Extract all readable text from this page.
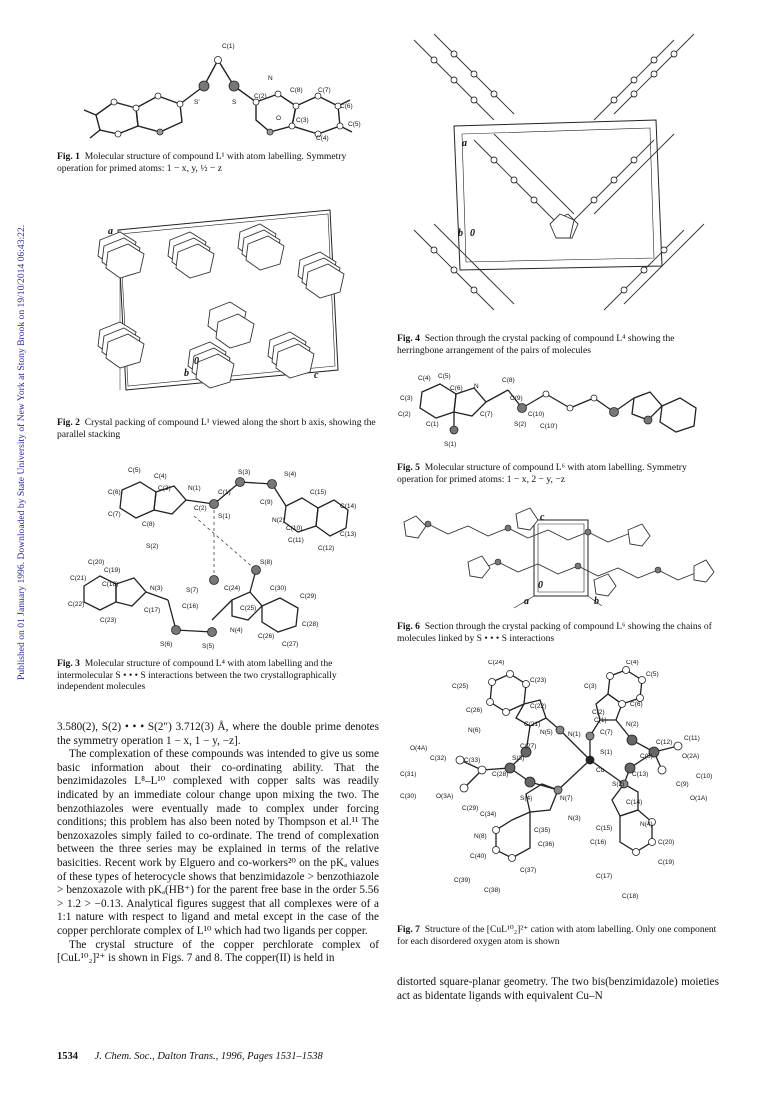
Published on 01 January 1996. Downloaded by State University of New York at Stony Brook on 19/10/2014 06:43:22.
C(1)
S'	S
N
C(8) C(7)
C(2)
C(6)
O C(3)
C(5)
C(4)
Fig. 1 Molecular structure of compound L¹ with atom labelling. Symmetry operation for primed atoms: 1 − x, y, ½ − z
a
b
0
c
Fig. 2 Crystal packing of compound L¹ viewed along the short b axis, showing the parallel stacking
C(5)
C(4)
C(6)
C(3)	N(1)
S(3)	S(4)
C(7)
C(8)
C(1)
C(2)
C(9)
C(15)
C(14)
S(1)
N(2)
C(10)
C(13)
S(2)
C(11)
C(12)
C(20)
C(19)
S(8)
C(21)
C(18)
N(3)	S(7)	C(24)	C(30)
C(29)
C(17)
C(16)	C(25)
C(22)
C(23)
N(4)
C(28)
S(6)	S(5)
C(26)
C(27)
Fig. 3 Molecular structure of compound L⁴ with atom labelling and the intermolecular S • • • S interactions between the two crystallographically independent molecules

3.580(2), S(2) • • • S(2″) 3.712(3) Å, where the double prime denotes the symmetry operation 1 − x, 1 − y, −z].

The complexation of these compounds was intended to give us some basic information about their co-ordinating ability. That the benzimidazoles L⁸–L¹⁰ complexed with copper salts was readily indicated by an immediate colour change upon mixing the two. The benzothiazoles were eventually made to complex under forcing conditions; this problem has also been noted by Thompson et al.¹¹ The benzoxazoles simply failed to co-ordinate. The trend of complexation between the three series may be explained in terms of the relative basicities. Recent work by Elguero and co-workers²⁰ on the pKₐ values of these types of heterocycle shows that benzimidazole > benzothiazole > benzoxazole with pKₐ(HB⁺) for the parent free base in the order 5.56 > 1.2 > −0.13. Analytical figures suggest that all complexes were of a 1:1 nature with respect to ligand and metal except in the case of the copper perchlorate complex of L¹⁰ which had two ligands per copper.

The crystal structure of the copper perchlorate complex of [CuL¹⁰₂]²⁺ is shown in Figs. 7 and 8. The copper(II) is held in

a
b 0
Fig. 4 Section through the crystal packing of compound L⁴ showing the herringbone arrangement of the pairs of molecules
C(4) C(5)
C(8)
C(6) N
C(3)	C(9)
C(7)	C(10)
C(2)
S(2)
C(1)	C(10')
S(1)
Fig. 5 Molecular structure of compound L⁶ with atom labelling. Symmetry operation for primed atoms: 1 − x, 2 − y, −z
c
0
a	b
Fig. 6 Section through the crystal packing of compound L⁶ showing the chains of molecules linked by S • • • S interactions
C(24)	C(4)
C(25)
C(23)
C(3)
C(5)
C(26)
C(22)	C(6)
N(6)
C(21)
C(2)
N(2)
O(4A)	C(27)
N(5) N(1)	C(7)
C(1)
C(32)	C(33)	S(3)
C(12)
O(2A)
C(31)	C(28)
S(1)
C(11)
Cu
C(8)
C(10)
C(30)	O(3A)	S(4)
S(2)
C(13)
C(29)
C(34)
N(7)
N(3)
C(14)
C(9)
O(1A)
C(35)
N(8)
C(36)
C(15)
N(4)
C(40)
C(16)	C(20)
C(37)
C(39)
C(38)
C(17)
C(19)
C(18)
Fig. 7 Structure of the [CuL¹⁰₂]²⁺ cation with atom labelling. Only one component for each disordered oxygen atom is shown

distorted square-planar geometry. The two bis(benzimidazole) moieties act as bidentate ligands with equivalent Cu–N

1534 J. Chem. Soc., Dalton Trans., 1996, Pages 1531–1538
